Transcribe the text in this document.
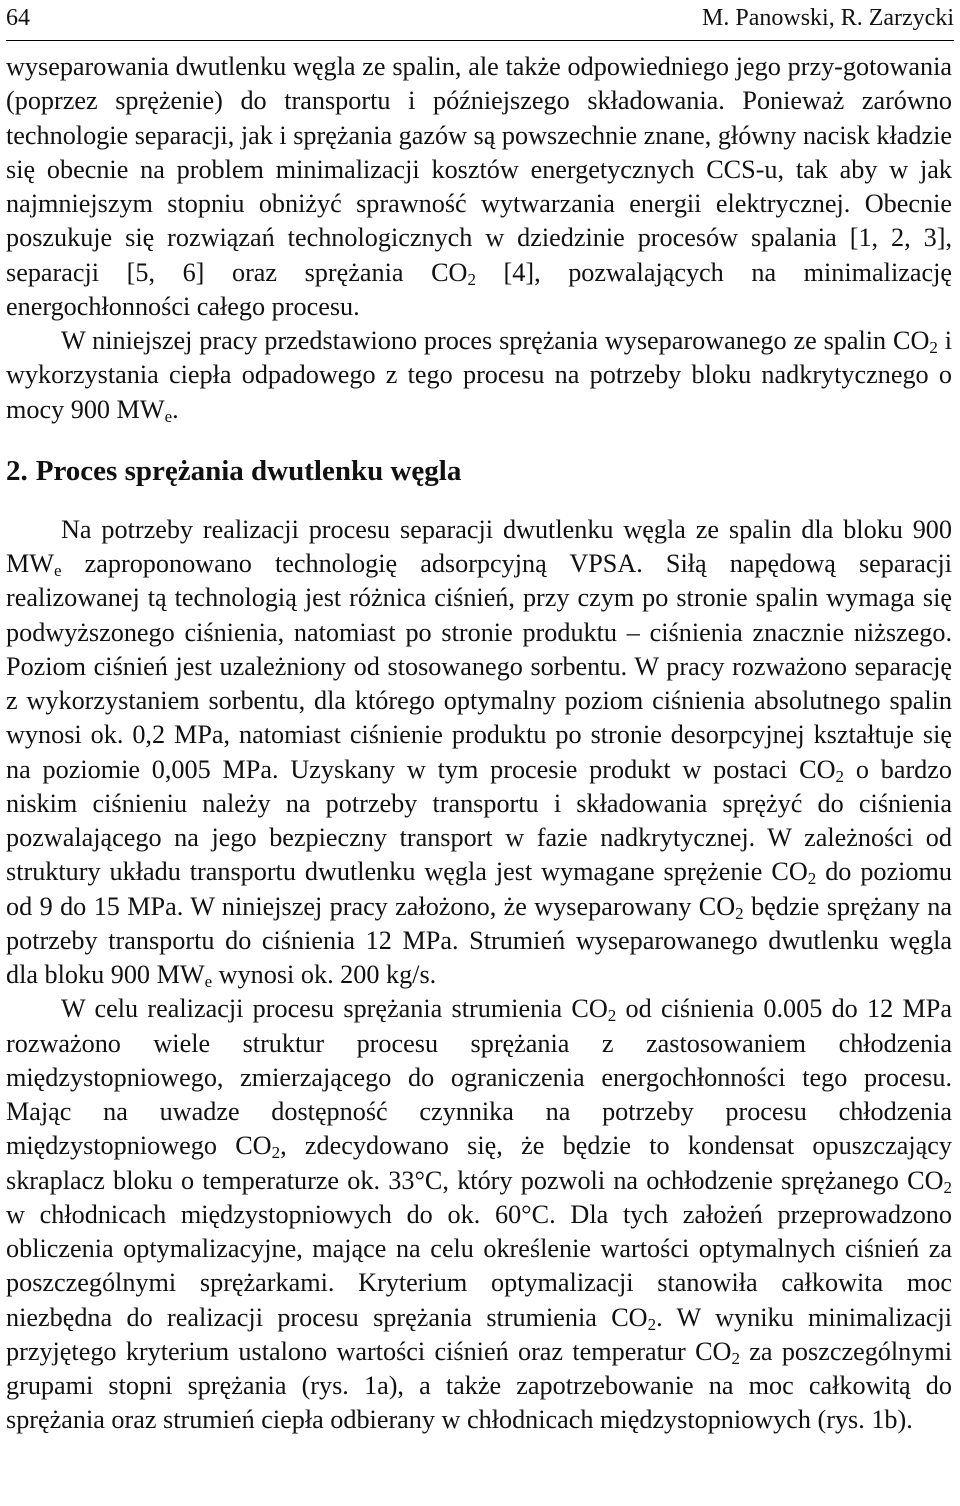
64	M. Panowski, R. Zarzycki

wyseparowania dwutlenku węgla ze spalin, ale także odpowiedniego jego przy-gotowania (poprzez sprężenie) do transportu i późniejszego składowania. Ponieważ zarówno technologie separacji, jak i sprężania gazów są powszechnie znane, główny nacisk kładzie się obecnie na problem minimalizacji kosztów energetycznych CCS-u, tak aby w jak najmniejszym stopniu obniżyć sprawność wytwarzania energii elektrycznej. Obecnie poszukuje się rozwiązań technologicznych w dziedzinie procesów spalania [1, 2, 3], separacji [5, 6] oraz sprężania $CO_2$ [4], pozwalających na minimalizację energochłonności całego procesu.

W niniejszej pracy przedstawiono proces sprężania wyseparowanego ze spalin $CO_2$ i wykorzystania ciepła odpadowego z tego procesu na potrzeby bloku nadkrytycznego o mocy 900 $MW_e$.

2. Proces sprężania dwutlenku węgla

Na potrzeby realizacji procesu separacji dwutlenku węgla ze spalin dla bloku 900 $MW_e$ zaproponowano technologię adsorpcyjną VPSA. Siłą napędową separacji realizowanej tą technologią jest różnica ciśnień, przy czym po stronie spalin wymaga się podwyższonego ciśnienia, natomiast po stronie produktu – ciśnienia znacznie niższego. Poziom ciśnień jest uzależniony od stosowanego sorbentu. W pracy rozważono separację z wykorzystaniem sorbentu, dla którego optymalny poziom ciśnienia absolutnego spalin wynosi ok. 0,2 MPa, natomiast ciśnienie produktu po stronie desorpcyjnej kształtuje się na poziomie 0,005 MPa. Uzyskany w tym procesie produkt w postaci $CO_2$ o bardzo niskim ciśnieniu należy na potrzeby transportu i składowania sprężyć do ciśnienia pozwalającego na jego bezpieczny transport w fazie nadkrytycznej. W zależności od struktury układu transportu dwutlenku węgla jest wymagane sprężenie $CO_2$ do poziomu od 9 do 15 MPa. W niniejszej pracy założono, że wyseparowany $CO_2$ będzie sprężany na potrzeby transportu do ciśnienia 12 MPa. Strumień wyseparowanego dwutlenku węgla dla bloku 900 $MW_e$ wynosi ok. 200 kg/s.

W celu realizacji procesu sprężania strumienia $CO_2$ od ciśnienia 0.005 do 12 MPa rozważono wiele struktur procesu sprężania z zastosowaniem chłodzenia międzystopniowego, zmierzającego do ograniczenia energochłonności tego procesu. Mając na uwadze dostępność czynnika na potrzeby procesu chłodzenia międzystopniowego $CO_2$, zdecydowano się, że będzie to kondensat opuszczający skraplacz bloku o temperaturze ok. 33°C, który pozwoli na ochłodzenie sprężanego $CO_2$ w chłodnicach międzystopniowych do ok. 60°C. Dla tych założeń przeprowadzono obliczenia optymalizacyjne, mające na celu określenie wartości optymalnych ciśnień za poszczególnymi sprężarkami. Kryterium optymalizacji stanowiła całkowita moc niezbędna do realizacji procesu sprężania strumienia $CO_2$. W wyniku minimalizacji przyjętego kryterium ustalono wartości ciśnień oraz temperatur $CO_2$ za poszczególnymi grupami stopni sprężania (rys. 1a), a także zapotrzebowanie na moc całkowitą do sprężania oraz strumień ciepła odbierany w chłodnicach międzystopniowych (rys. 1b).
